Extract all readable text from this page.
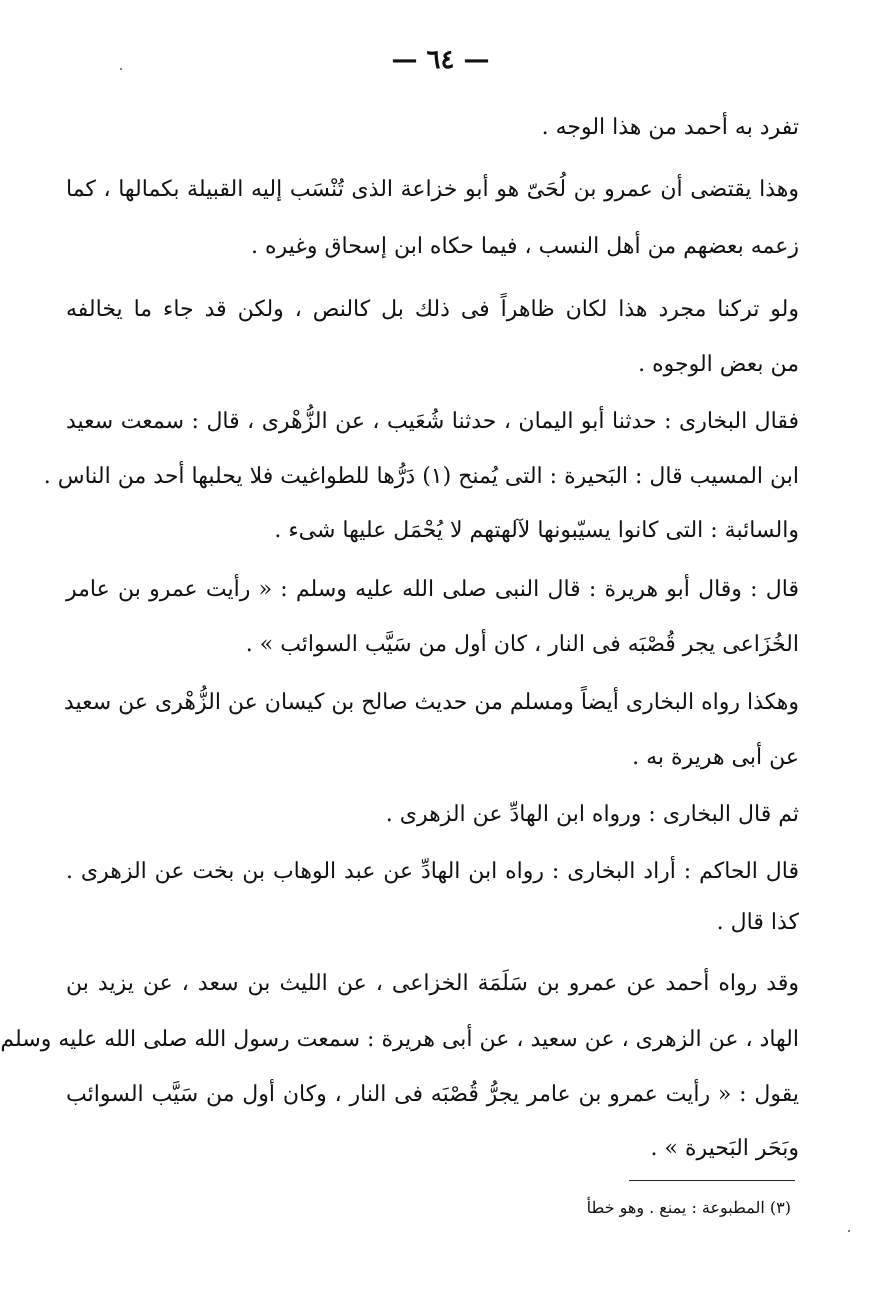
— ٦٤ —
تفرد به أحمد من هذا الوجه .
وهذا يقتضى أن عمرو بن لُحَىّ هو أبو خزاعة الذى تُنْسَب إليه القبيلة بكمالها ، كما
زعمه بعضهم من أهل النسب ، فيما حكاه ابن إسحاق وغيره .
ولو تركنا مجرد هذا لكان ظاهراً فى ذلك بل كالنص ، ولكن قد جاء ما يخالفه
من بعض الوجوه .
فقال البخارى : حدثنا أبو اليمان ، حدثنا شُعَيب ، عن الزُّهْرى ، قال : سمعت سعيد
ابن المسيب قال : البَحيرة : التى يُمنح (١) دَرُّها للطواغيت فلا يحلبها أحد من الناس .
والسائبة : التى كانوا يسيّبونها لآلهتهم لا يُحْمَل عليها شىء .
قال : وقال أبو هريرة : قال النبى صلى الله عليه وسلم : « رأيت عمرو بن عامر
الخُزَاعى يجر قُصْبَه فى النار ، كان أول من سَيَّب السوائب » .
وهكذا رواه البخارى أيضاً ومسلم من حديث صالح بن كيسان عن الزُّهْرى عن سعيد
عن أبى هريرة به .
ثم قال البخارى : ورواه ابن الهادِّ عن الزهرى .
قال الحاكم : أراد البخارى : رواه ابن الهادِّ عن عبد الوهاب بن بخت عن الزهرى .
كذا قال .
وقد رواه أحمد عن عمرو بن سَلَمَة الخزاعى ، عن الليث بن سعد ، عن يزيد بن
الهاد ، عن الزهرى ، عن سعيد ، عن أبى هريرة : سمعت رسول الله صلى الله عليه وسلم
يقول : « رأيت عمرو بن عامر يجرُّ قُصْبَه فى النار ، وكان أول من سَيَّب السوائب
وبَحَر البَحيرة » .
(٣) المطبوعة : يمنع . وهو خطأ
